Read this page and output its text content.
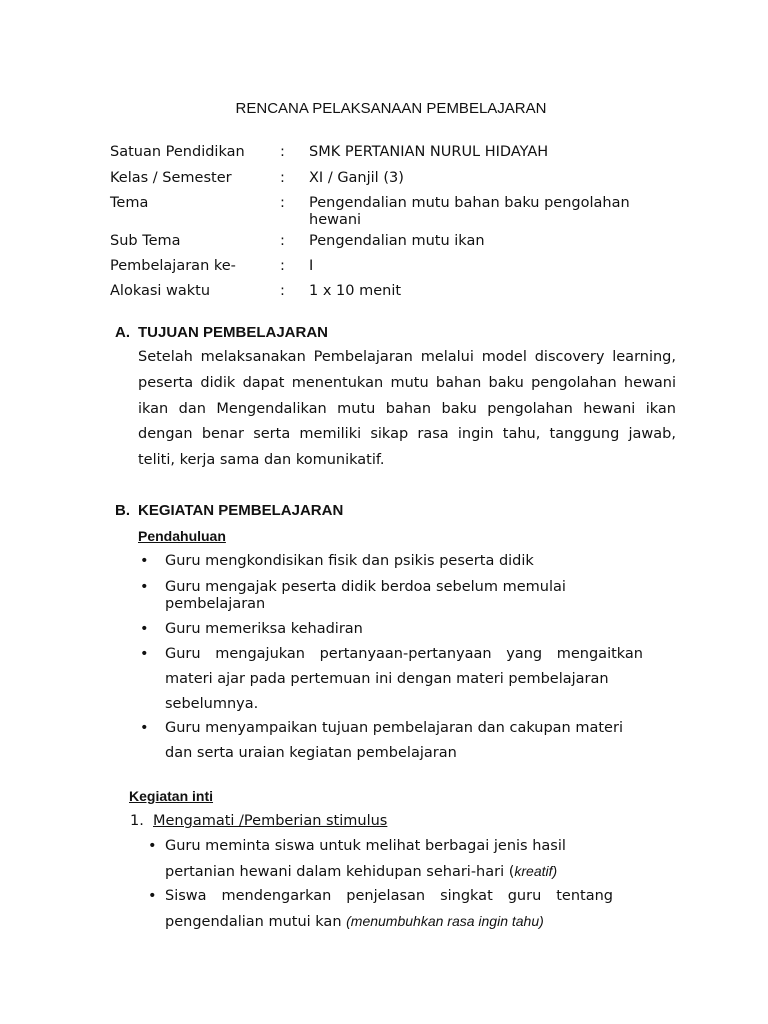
RENCANA PELAKSANAAN PEMBELAJARAN
Satuan Pendidikan : SMK PERTANIAN NURUL HIDAYAH
Kelas / Semester	: XI / Ganjil (3)
Tema	: Pengendalian mutu bahan baku pengolahan
hewani
Sub Tema	: Pengendalian mutu ikan
Pembelajaran ke-	: I
Alokasi waktu	: 1 x 10 menit
A. TUJUAN PEMBELAJARAN
Setelah melaksanakan Pembelajaran melalui model discovery learning, peserta didik dapat menentukan mutu bahan baku pengolahan hewani ikan dan Mengendalikan mutu bahan baku pengolahan hewani ikan dengan benar serta memiliki sikap rasa ingin tahu, tanggung jawab, teliti, kerja sama dan komunikatif.
B. KEGIATAN PEMBELAJARAN
Pendahuluan
• Guru mengkondisikan fisik dan psikis peserta didik
• Guru mengajak peserta didik berdoa sebelum memulai
pembelajaran
• Guru memeriksa kehadiran
• Guru mengajukan pertanyaan-pertanyaan yang mengaitkan
materi ajar pada pertemuan ini dengan materi pembelajaran
sebelumnya.
• Guru menyampaikan tujuan pembelajaran dan cakupan materi
dan serta uraian kegiatan pembelajaran
Kegiatan inti
1. Mengamati /Pemberian stimulus
• Guru meminta siswa untuk melihat berbagai jenis hasil
pertanian hewani dalam kehidupan sehari-hari (kreatif)
• Siswa mendengarkan penjelasan singkat guru tentang
pengendalian mutui kan (menumbuhkan rasa ingin tahu)
